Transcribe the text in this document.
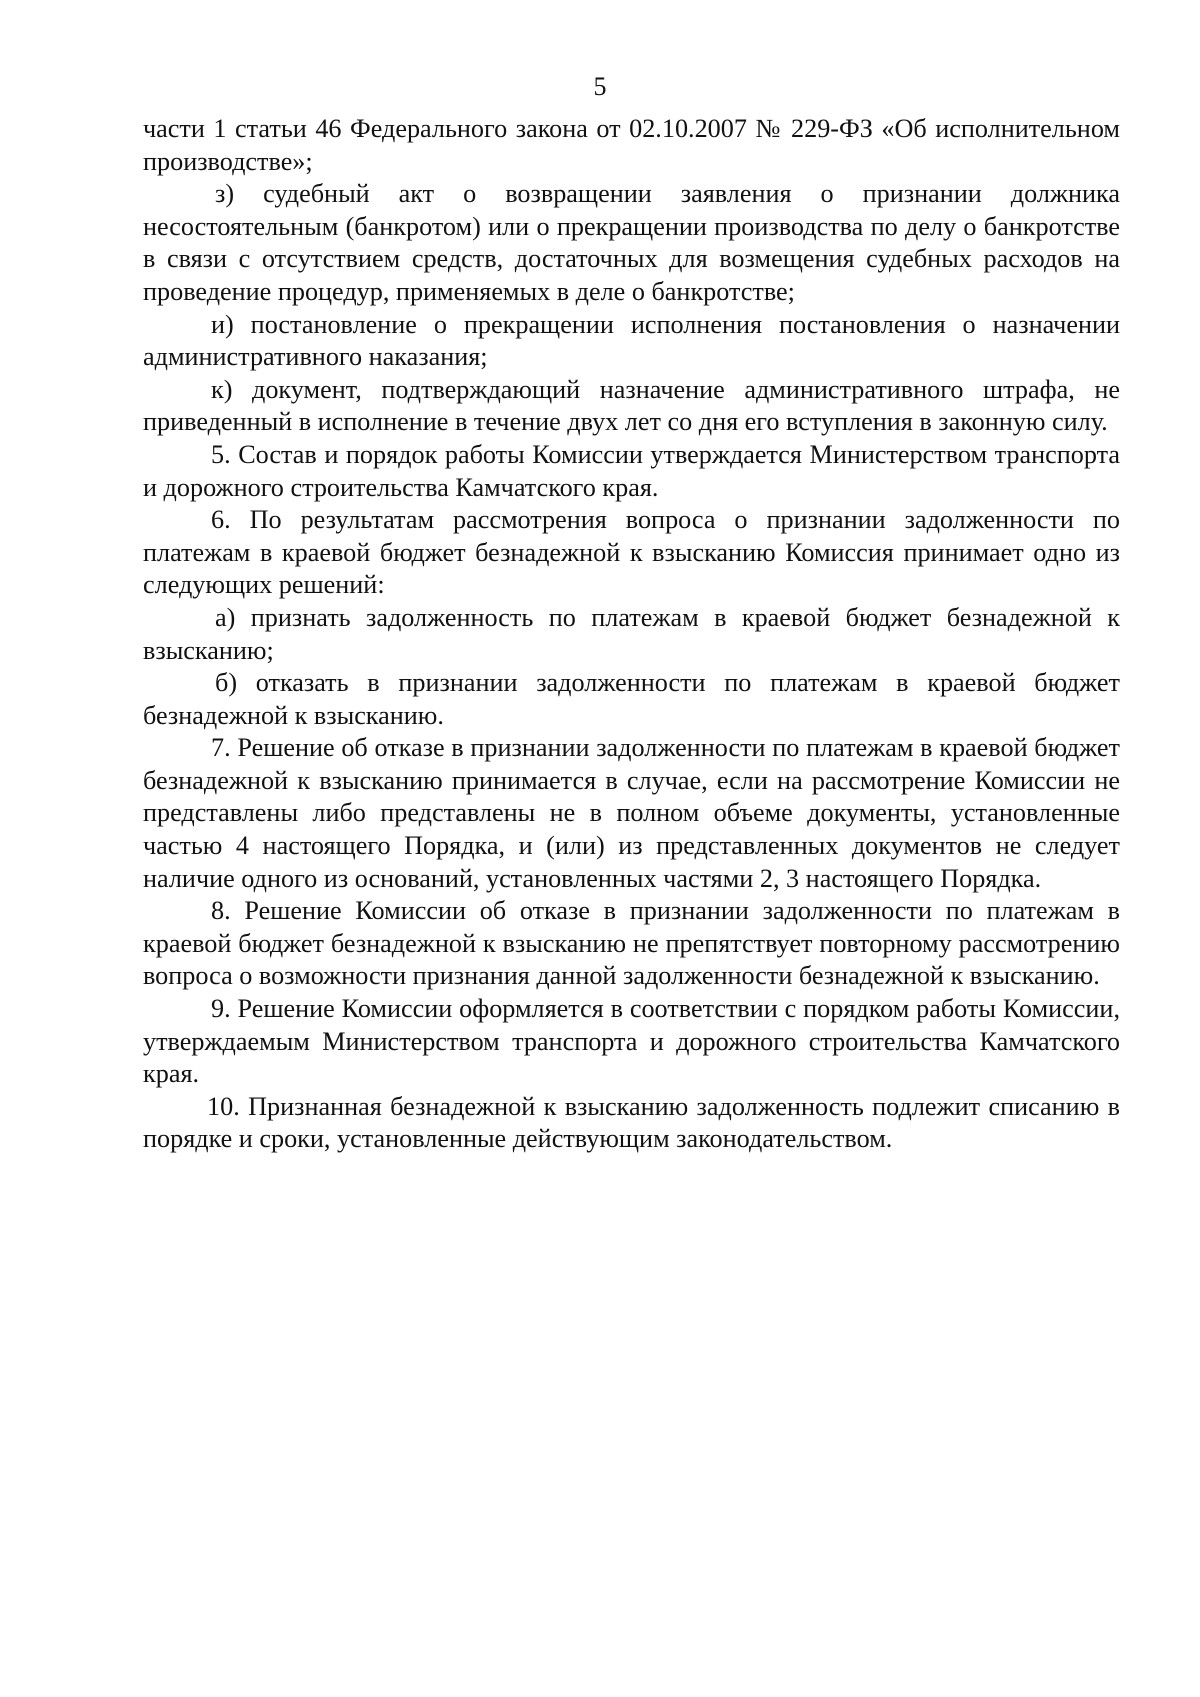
5

части 1 статьи 46 Федерального закона от 02.10.2007 № 229-ФЗ «Об исполнительном производстве»;

з) судебный акт о возвращении заявления о признании должника несостоятельным (банкротом) или о прекращении производства по делу о банкротстве в связи с отсутствием средств, достаточных для возмещения судебных расходов на проведение процедур, применяемых в деле о банкротстве;

и) постановление о прекращении исполнения постановления о назначении административного наказания;

к) документ, подтверждающий назначение административного штрафа, не приведенный в исполнение в течение двух лет со дня его вступления в законную силу.

5. Состав и порядок работы Комиссии утверждается Министерством транспорта и дорожного строительства Камчатского края.

6. По результатам рассмотрения вопроса о признании задолженности по платежам в краевой бюджет безнадежной к взысканию Комиссия принимает одно из следующих решений:

а) признать задолженность по платежам в краевой бюджет безнадежной к взысканию;

б) отказать в признании задолженности по платежам в краевой бюджет безнадежной к взысканию.

7. Решение об отказе в признании задолженности по платежам в краевой бюджет безнадежной к взысканию принимается в случае, если на рассмотрение Комиссии не представлены либо представлены не в полном объеме документы, установленные частью 4 настоящего Порядка, и (или) из представленных документов не следует наличие одного из оснований, установленных частями 2, 3 настоящего Порядка.

8. Решение Комиссии об отказе в признании задолженности по платежам в краевой бюджет безнадежной к взысканию не препятствует повторному рассмотрению вопроса о возможности признания данной задолженности безнадежной к взысканию.

9. Решение Комиссии оформляется в соответствии с порядком работы Комиссии, утверждаемым Министерством транспорта и дорожного строительства Камчатского края.

10. Признанная безнадежной к взысканию задолженность подлежит списанию в порядке и сроки, установленные действующим законодательством.
